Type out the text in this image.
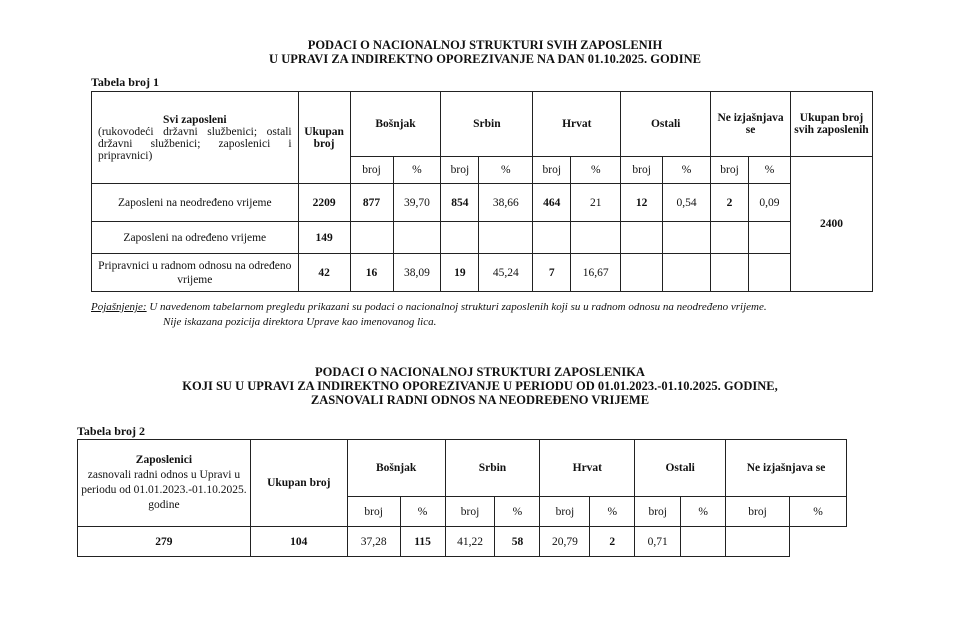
PODACI O NACIONALNOJ STRUKTURI SVIH ZAPOSLENIH
U UPRAVI ZA INDIREKTNO OPOREZIVANJE NA DAN 01.10.2025. GODINE
Tabela broj 1
Svi zaposleni
(rukovodeći državni službenici; ostali državni službenici; zaposlenici i pripravnici)	Ukupan broj	Bošnjak		Srbin		Hrvat		Ostali		Ne izjašnjava se		Ukupan broj svih zaposlenih
		broj	%	broj	%	broj	%	broj	%	broj	%	2400
Zaposleni na neodređeno vrijeme	2209	877	39,70	854	38,66	464	21	12	0,54	2	0,09	
Zaposleni na određeno vrijeme	149											
Pripravnici u radnom odnosu na određeno vrijeme	42	16	38,09	19	45,24	7	16,67					
Pojašnjenje: U navedenom tabelarnom pregledu prikazani su podaci o nacionalnoj strukturi zaposlenih koji su u radnom odnosu na neodređeno vrijeme.
Nije iskazana pozicija direktora Uprave kao imenovanog lica.
PODACI O NACIONALNOJ STRUKTURI ZAPOSLENIKA
KOJI SU U UPRAVI ZA INDIREKTNO OPOREZIVANJE U PERIODU OD 01.01.2023.-01.10.2025. GODINE,
ZASNOVALI RADNI ODNOS NA NEODREĐENO VRIJEME
Tabela broj 2
Zaposlenici
zasnovali radni odnos u Upravi u periodu od 01.01.2023.-01.10.2025. godine	Ukupan broj	Bošnjak		Srbin		Hrvat		Ostali		Ne izjašnjava se	
		broj	%	broj	%	broj	%	broj	%	broj	%
279	104	37,28	115	41,22	58	20,79	2	0,71			
